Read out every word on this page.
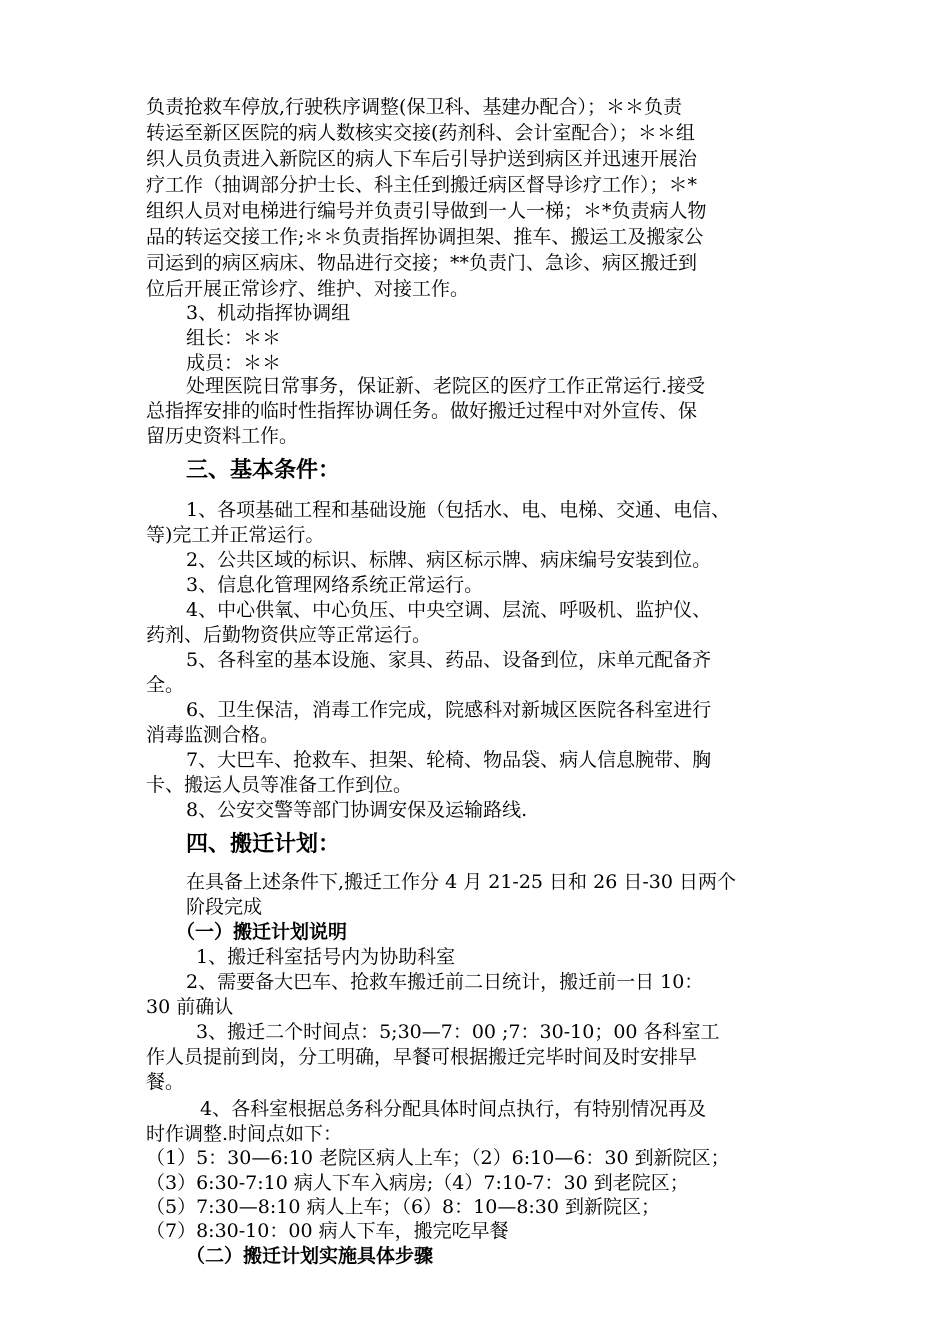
负责抢救车停放,行驶秩序调整(保卫科、基建办配合）；＊＊负责
转运至新区医院的病人数核实交接(药剂科、会计室配合）；＊＊组
织人员负责进入新院区的病人下车后引导护送到病区并迅速开展治
疗工作（抽调部分护士长、科主任到搬迁病区督导诊疗工作）；＊*
组织人员对电梯进行编号并负责引导做到一人一梯；＊*负责病人物
品的转运交接工作;＊＊负责指挥协调担架、推车、搬运工及搬家公
司运到的病区病床、物品进行交接；**负责门、急诊、病区搬迁到
位后开展正常诊疗、维护、对接工作。
3、机动指挥协调组
组长：＊＊
成员：＊＊
处理医院日常事务，保证新、老院区的医疗工作正常运行.接受
总指挥安排的临时性指挥协调任务。做好搬迁过程中对外宣传、保
留历史资料工作。
三、基本条件：
1、各项基础工程和基础设施（包括水、电、电梯、交通、电信、
等)完工并正常运行。
2、公共区域的标识、标牌、病区标示牌、病床编号安装到位。
3、信息化管理网络系统正常运行。
4、中心供氧、中心负压、中央空调、层流、呼吸机、监护仪、
药剂、后勤物资供应等正常运行。
5、各科室的基本设施、家具、药品、设备到位，床单元配备齐
全。
6、卫生保洁，消毒工作完成，院感科对新城区医院各科室进行
消毒监测合格。
7、大巴车、抢救车、担架、轮椅、物品袋、病人信息腕带、胸
卡、搬运人员等准备工作到位。
8、公安交警等部门协调安保及运输路线.
四、搬迁计划：
在具备上述条件下,搬迁工作分 4 月 21-25 日和 26 日-30 日两个
阶段完成
（一）搬迁计划说明
1、搬迁科室括号内为协助科室
2、需要备大巴车、抢救车搬迁前二日统计，搬迁前一日 10：
30 前确认
3、搬迁二个时间点：5;30—7：00 ;7：30-10；00 各科室工
作人员提前到岗，分工明确，早餐可根据搬迁完毕时间及时安排早
餐。
4、各科室根据总务科分配具体时间点执行，有特别情况再及
时作调整.时间点如下：
（1）5：30—6:10 老院区病人上车；（2）6:10—6：30 到新院区；
（3）6:30-7:10 病人下车入病房;（4）7:10-7：30 到老院区；
（5）7:30—8:10 病人上车；（6）8：10—8:30 到新院区；
（7）8:30-10：00 病人下车，搬完吃早餐
（二）搬迁计划实施具体步骤
